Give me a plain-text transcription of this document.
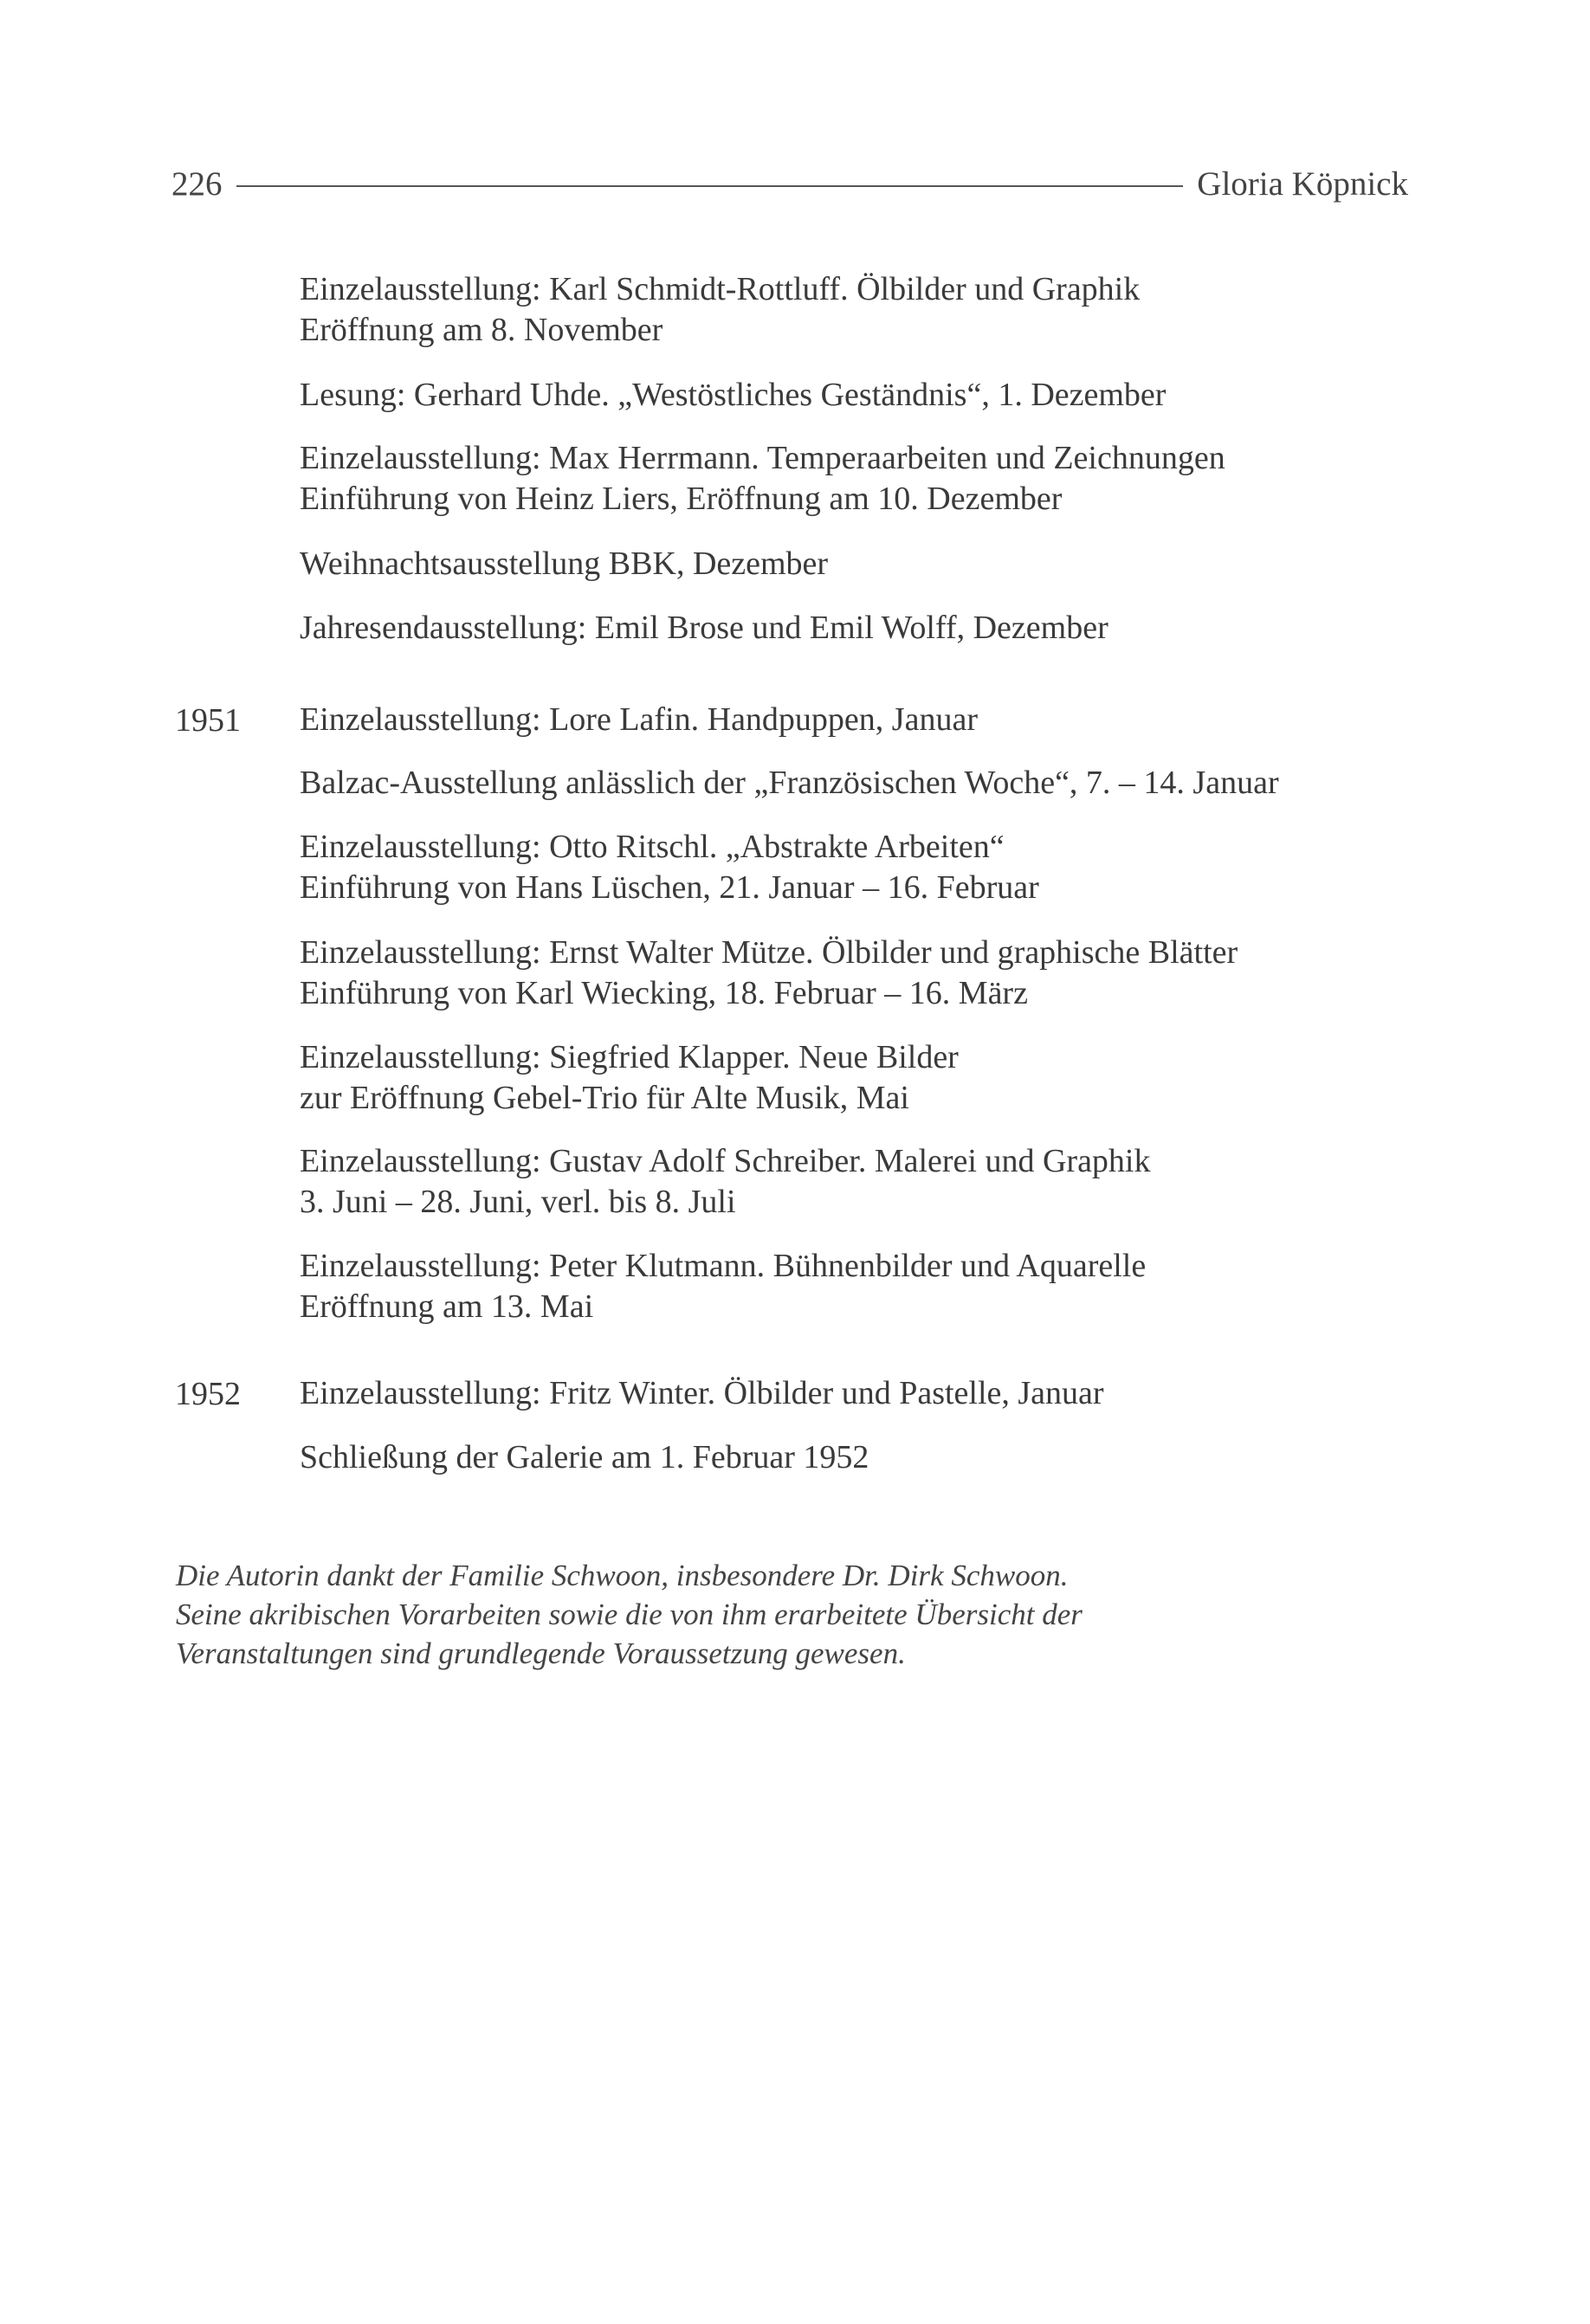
226	Gloria Köpnick
Einzelausstellung: Karl Schmidt-Rottluff. Ölbilder und Graphik
Eröffnung am 8. November
Lesung: Gerhard Uhde. „Westöstliches Geständnis“, 1. Dezember
Einzelausstellung: Max Herrmann. Temperaarbeiten und Zeichnungen
Einführung von Heinz Liers, Eröffnung am 10. Dezember
Weihnachtsausstellung BBK, Dezember
Jahresendausstellung: Emil Brose und Emil Wolff, Dezember
1951 Einzelausstellung: Lore Lafin. Handpuppen, Januar
Balzac-Ausstellung anlässlich der „Französischen Woche“, 7. – 14. Januar
Einzelausstellung: Otto Ritschl. „Abstrakte Arbeiten“
Einführung von Hans Lüschen, 21. Januar – 16. Februar
Einzelausstellung: Ernst Walter Mütze. Ölbilder und graphische Blätter
Einführung von Karl Wiecking, 18. Februar – 16. März
Einzelausstellung: Siegfried Klapper. Neue Bilder
zur Eröffnung Gebel-Trio für Alte Musik, Mai
Einzelausstellung: Gustav Adolf Schreiber. Malerei und Graphik
3. Juni – 28. Juni, verl. bis 8. Juli
Einzelausstellung: Peter Klutmann. Bühnenbilder und Aquarelle
Eröffnung am 13. Mai
1952 Einzelausstellung: Fritz Winter. Ölbilder und Pastelle, Januar
Schließung der Galerie am 1. Februar 1952
Die Autorin dankt der Familie Schwoon, insbesondere Dr. Dirk Schwoon.
Seine akribischen Vorarbeiten sowie die von ihm erarbeitete Übersicht der
Veranstaltungen sind grundlegende Voraussetzung gewesen.
